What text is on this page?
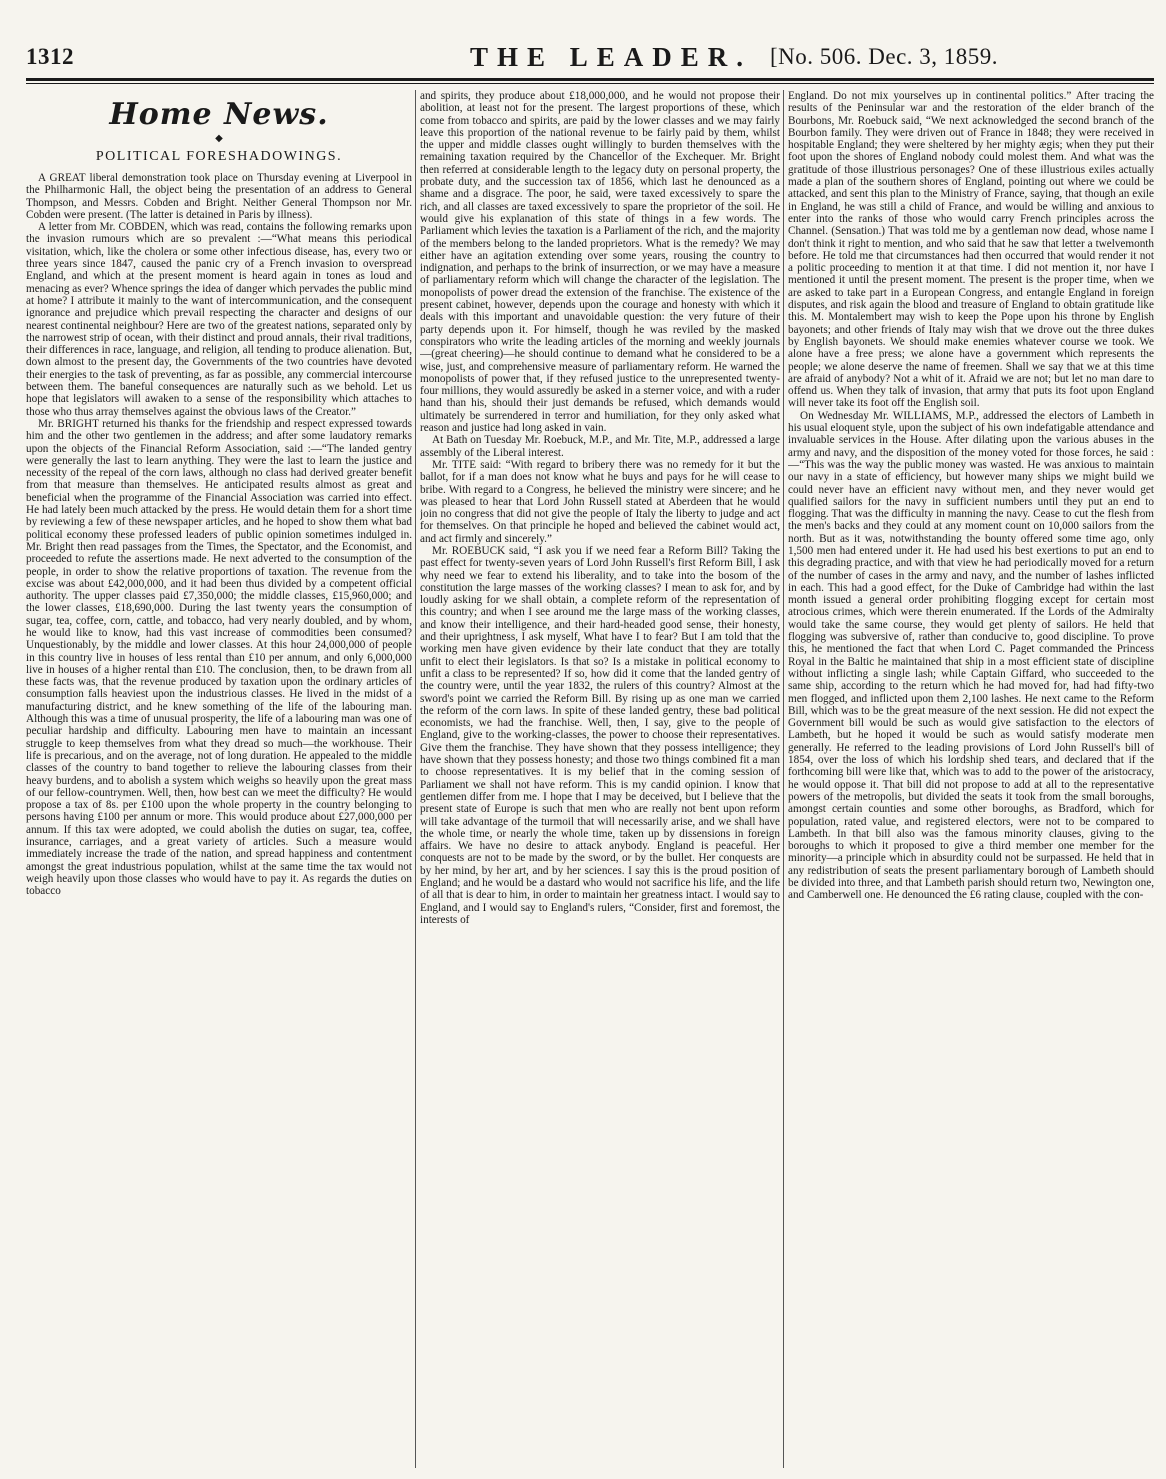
1312	THE LEADER. [No. 506. Dec. 3, 1859.
Home News.
◆
POLITICAL FORESHADOWINGS.

A GREAT liberal demonstration took place on Thursday evening at Liverpool in the Philharmonic Hall, the object being the presentation of an address to General Thompson, and Messrs. Cobden and Bright. Neither General Thompson nor Mr. Cobden were present. (The latter is detained in Paris by illness).

A letter from Mr. COBDEN, which was read, contains the following remarks upon the invasion rumours which are so prevalent :—“What means this periodical visitation, which, like the cholera or some other infectious disease, has, every two or three years since 1847, caused the panic cry of a French invasion to overspread England, and which at the present moment is heard again in tones as loud and menacing as ever? Whence springs the idea of danger which pervades the public mind at home? I attribute it mainly to the want of intercommunication, and the consequent ignorance and prejudice which prevail respecting the character and designs of our nearest continental neighbour? Here are two of the greatest nations, separated only by the narrowest strip of ocean, with their distinct and proud annals, their rival traditions, their differences in race, language, and religion, all tending to produce alienation. But, down almost to the present day, the Governments of the two countries have devoted their energies to the task of preventing, as far as possible, any commercial intercourse between them. The baneful consequences are naturally such as we behold. Let us hope that legislators will awaken to a sense of the responsibility which attaches to those who thus array themselves against the obvious laws of the Creator.”

Mr. BRIGHT returned his thanks for the friendship and respect expressed towards him and the other two gentlemen in the address; and after some laudatory remarks upon the objects of the Financial Reform Association, said :—“The landed gentry were generally the last to learn anything. They were the last to learn the justice and necessity of the repeal of the corn laws, although no class had derived greater benefit from that measure than themselves. He anticipated results almost as great and beneficial when the programme of the Financial Association was carried into effect. He had lately been much attacked by the press. He would detain them for a short time by reviewing a few of these newspaper articles, and he hoped to show them what bad political economy these professed leaders of public opinion sometimes indulged in. Mr. Bright then read passages from the Times, the Spectator, and the Economist, and proceeded to refute the assertions made. He next adverted to the consumption of the people, in order to show the relative proportions of taxation. The revenue from the excise was about £42,000,000, and it had been thus divided by a competent official authority. The upper classes paid £7,350,000; the middle classes, £15,960,000; and the lower classes, £18,690,000. During the last twenty years the consumption of sugar, tea, coffee, corn, cattle, and tobacco, had very nearly doubled, and by whom, he would like to know, had this vast increase of commodities been consumed? Unquestionably, by the middle and lower classes. At this hour 24,000,000 of people in this country live in houses of less rental than £10 per annum, and only 6,000,000 live in houses of a higher rental than £10. The conclusion, then, to be drawn from all these facts was, that the revenue produced by taxation upon the ordinary articles of consumption falls heaviest upon the industrious classes. He lived in the midst of a manufacturing district, and he knew something of the life of the labouring man. Although this was a time of unusual prosperity, the life of a labouring man was one of peculiar hardship and difficulty. Labouring men have to maintain an incessant struggle to keep themselves from what they dread so much—the workhouse. Their life is precarious, and on the average, not of long duration. He appealed to the middle classes of the country to band together to relieve the labouring classes from their heavy burdens, and to abolish a system which weighs so heavily upon the great mass of our fellow-countrymen. Well, then, how best can we meet the difficulty? He would propose a tax of 8s. per £100 upon the whole property in the country belonging to persons having £100 per annum or more. This would produce about £27,000,000 per annum. If this tax were adopted, we could abolish the duties on sugar, tea, coffee, insurance, carriages, and a great variety of articles. Such a measure would immediately increase the trade of the nation, and spread happiness and contentment amongst the great industrious population, whilst at the same time the tax would not weigh heavily upon those classes who would have to pay it. As regards the duties on tobacco

and spirits, they produce about £18,000,000, and he would not propose their abolition, at least not for the present. The largest proportions of these, which come from tobacco and spirits, are paid by the lower classes and we may fairly leave this proportion of the national revenue to be fairly paid by them, whilst the upper and middle classes ought willingly to burden themselves with the remaining taxation required by the Chancellor of the Exchequer. Mr. Bright then referred at considerable length to the legacy duty on personal property, the probate duty, and the succession tax of 1856, which last he denounced as a shame and a disgrace. The poor, he said, were taxed excessively to spare the rich, and all classes are taxed excessively to spare the proprietor of the soil. He would give his explanation of this state of things in a few words. The Parliament which levies the taxation is a Parliament of the rich, and the majority of the members belong to the landed proprietors. What is the remedy? We may either have an agitation extending over some years, rousing the country to indignation, and perhaps to the brink of insurrection, or we may have a measure of parliamentary reform which will change the character of the legislation. The monopolists of power dread the extension of the franchise. The existence of the present cabinet, however, depends upon the courage and honesty with which it deals with this important and unavoidable question: the very future of their party depends upon it. For himself, though he was reviled by the masked conspirators who write the leading articles of the morning and weekly journals—(great cheering)—he should continue to demand what he considered to be a wise, just, and comprehensive measure of parliamentary reform. He warned the monopolists of power that, if they refused justice to the unrepresented twenty-four millions, they would assuredly be asked in a sterner voice, and with a ruder hand than his, should their just demands be refused, which demands would ultimately be surrendered in terror and humiliation, for they only asked what reason and justice had long asked in vain.

At Bath on Tuesday Mr. Roebuck, M.P., and Mr. Tite, M.P., addressed a large assembly of the Liberal interest.

Mr. TITE said: “With regard to bribery there was no remedy for it but the ballot, for if a man does not know what he buys and pays for he will cease to bribe. With regard to a Congress, he believed the ministry were sincere; and he was pleased to hear that Lord John Russell stated at Aberdeen that he would join no congress that did not give the people of Italy the liberty to judge and act for themselves. On that principle he hoped and believed the cabinet would act, and act firmly and sincerely.”

Mr. ROEBUCK said, “I ask you if we need fear a Reform Bill? Taking the past effect for twenty-seven years of Lord John Russell's first Reform Bill, I ask why need we fear to extend his liberality, and to take into the bosom of the constitution the large masses of the working classes? I mean to ask for, and by loudly asking for we shall obtain, a complete reform of the representation of this country; and when I see around me the large mass of the working classes, and know their intelligence, and their hard-headed good sense, their honesty, and their uprightness, I ask myself, What have I to fear? But I am told that the working men have given evidence by their late conduct that they are totally unfit to elect their legislators. Is that so? Is a mistake in political economy to unfit a class to be represented? If so, how did it come that the landed gentry of the country were, until the year 1832, the rulers of this country? Almost at the sword's point we carried the Reform Bill. By rising up as one man we carried the reform of the corn laws. In spite of these landed gentry, these bad political economists, we had the franchise. Well, then, I say, give to the people of England, give to the working-classes, the power to choose their representatives. Give them the franchise. They have shown that they possess intelligence; they have shown that they possess honesty; and those two things combined fit a man to choose representatives. It is my belief that in the coming session of Parliament we shall not have reform. This is my candid opinion. I know that gentlemen differ from me. I hope that I may be deceived, but I believe that the present state of Europe is such that men who are really not bent upon reform will take advantage of the turmoil that will necessarily arise, and we shall have the whole time, or nearly the whole time, taken up by dissensions in foreign affairs. We have no desire to attack anybody. England is peaceful. Her conquests are not to be made by the sword, or by the bullet. Her conquests are by her mind, by her art, and by her sciences. I say this is the proud position of England; and he would be a dastard who would not sacrifice his life, and the life of all that is dear to him, in order to maintain her greatness intact. I would say to England, and I would say to England's rulers, “Consider, first and foremost, the interests of

England. Do not mix yourselves up in continental politics.” After tracing the results of the Peninsular war and the restoration of the elder branch of the Bourbons, Mr. Roebuck said, “We next acknowledged the second branch of the Bourbon family. They were driven out of France in 1848; they were received in hospitable England; they were sheltered by her mighty ægis; when they put their foot upon the shores of England nobody could molest them. And what was the gratitude of those illustrious personages? One of these illustrious exiles actually made a plan of the southern shores of England, pointing out where we could be attacked, and sent this plan to the Ministry of France, saying, that though an exile in England, he was still a child of France, and would be willing and anxious to enter into the ranks of those who would carry French principles across the Channel. (Sensation.) That was told me by a gentleman now dead, whose name I don't think it right to mention, and who said that he saw that letter a twelvemonth before. He told me that circumstances had then occurred that would render it not a politic proceeding to mention it at that time. I did not mention it, nor have I mentioned it until the present moment. The present is the proper time, when we are asked to take part in a European Congress, and entangle England in foreign disputes, and risk again the blood and treasure of England to obtain gratitude like this. M. Montalembert may wish to keep the Pope upon his throne by English bayonets; and other friends of Italy may wish that we drove out the three dukes by English bayonets. We should make enemies whatever course we took. We alone have a free press; we alone have a government which represents the people; we alone deserve the name of freemen. Shall we say that we at this time are afraid of anybody? Not a whit of it. Afraid we are not; but let no man dare to offend us. When they talk of invasion, that army that puts its foot upon England will never take its foot off the English soil.

On Wednesday Mr. WILLIAMS, M.P., addressed the electors of Lambeth in his usual eloquent style, upon the subject of his own indefatigable attendance and invaluable services in the House. After dilating upon the various abuses in the army and navy, and the disposition of the money voted for those forces, he said :—“This was the way the public money was wasted. He was anxious to maintain our navy in a state of efficiency, but however many ships we might build we could never have an efficient navy without men, and they never would get qualified sailors for the navy in sufficient numbers until they put an end to flogging. That was the difficulty in manning the navy. Cease to cut the flesh from the men's backs and they could at any moment count on 10,000 sailors from the north. But as it was, notwithstanding the bounty offered some time ago, only 1,500 men had entered under it. He had used his best exertions to put an end to this degrading practice, and with that view he had periodically moved for a return of the number of cases in the army and navy, and the number of lashes inflicted in each. This had a good effect, for the Duke of Cambridge had within the last month issued a general order prohibiting flogging except for certain most atrocious crimes, which were therein enumerated. If the Lords of the Admiralty would take the same course, they would get plenty of sailors. He held that flogging was subversive of, rather than conducive to, good discipline. To prove this, he mentioned the fact that when Lord C. Paget commanded the Princess Royal in the Baltic he maintained that ship in a most efficient state of discipline without inflicting a single lash; while Captain Giffard, who succeeded to the same ship, according to the return which he had moved for, had had fifty-two men flogged, and inflicted upon them 2,100 lashes. He next came to the Reform Bill, which was to be the great measure of the next session. He did not expect the Government bill would be such as would give satisfaction to the electors of Lambeth, but he hoped it would be such as would satisfy moderate men generally. He referred to the leading provisions of Lord John Russell's bill of 1854, over the loss of which his lordship shed tears, and declared that if the forthcoming bill were like that, which was to add to the power of the aristocracy, he would oppose it. That bill did not propose to add at all to the representative powers of the metropolis, but divided the seats it took from the small boroughs, amongst certain counties and some other boroughs, as Bradford, which for population, rated value, and registered electors, were not to be compared to Lambeth. In that bill also was the famous minority clauses, giving to the boroughs to which it proposed to give a third member one member for the minority—a principle which in absurdity could not be surpassed. He held that in any redistribution of seats the present parliamentary borough of Lambeth should be divided into three, and that Lambeth parish should return two, Newington one, and Camberwell one. He denounced the £6 rating clause, coupled with the con-
